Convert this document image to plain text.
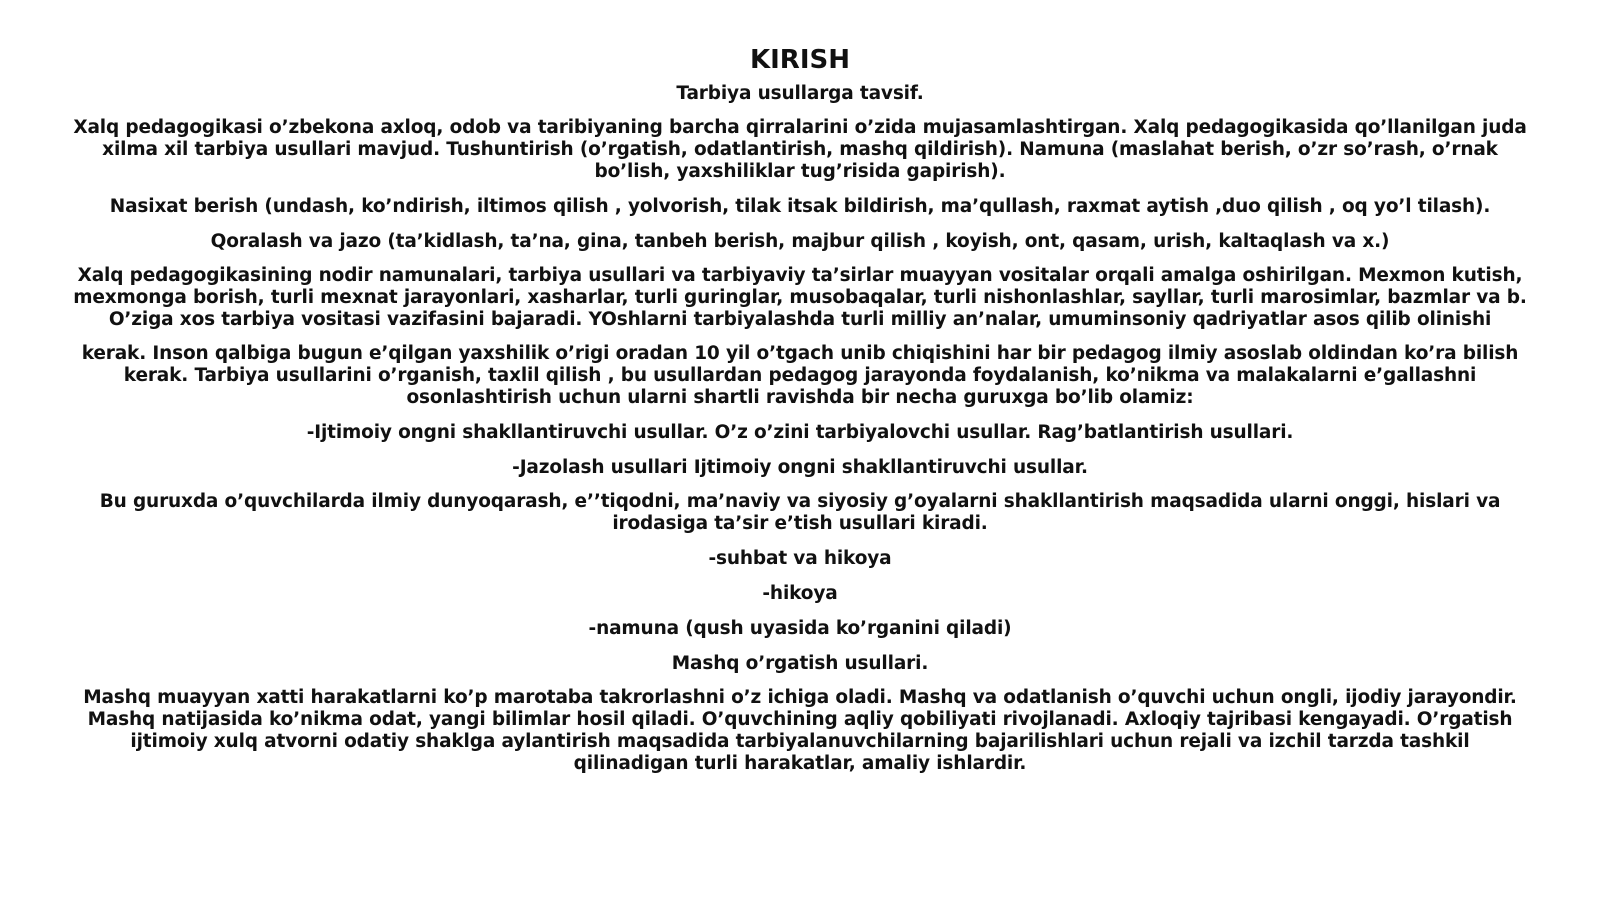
KIRISH

Tarbiya usullarga tavsif.

Xalq pedagogikasi o’zbekona axloq, odob va taribiyaning barcha qirralarini o’zida mujasamlashtirgan. Xalq pedagogikasida qo’llanilgan juda xilma xil tarbiya usullari mavjud. Tushuntirish (o’rgatish, odatlantirish, mashq qildirish). Namuna (maslahat berish, o’zr so’rash, o’rnak bo’lish, yaxshiliklar tug’risida gapirish).

Nasixat berish (undash, ko’ndirish, iltimos qilish , yolvorish, tilak itsak bildirish, ma’qullash, raxmat aytish ,duo qilish , oq yo’l tilash).

Qoralash va jazo (ta’kidlash, ta’na, gina, tanbeh berish, majbur qilish , koyish, ont, qasam, urish, kaltaqlash va x.)

Xalq pedagogikasining nodir namunalari, tarbiya usullari va tarbiyaviy ta’sirlar muayyan vositalar orqali amalga oshirilgan. Mexmon kutish, mexmonga borish, turli mexnat jarayonlari, xasharlar, turli guringlar, musobaqalar, turli nishonlashlar, sayllar, turli marosimlar, bazmlar va b. O’ziga xos tarbiya vositasi vazifasini bajaradi. YOshlarni tarbiyalashda turli milliy an’nalar, umuminsoniy qadriyatlar asos qilib olinishi

kerak. Inson qalbiga bugun e’qilgan yaxshilik o’rigi oradan 10 yil o’tgach unib chiqishini har bir pedagog ilmiy asoslab oldindan ko’ra bilish kerak. Tarbiya usullarini o’rganish, taxlil qilish , bu usullardan pedagog jarayonda foydalanish, ko’nikma va malakalarni e’gallashni osonlashtirish uchun ularni shartli ravishda bir necha guruxga bo’lib olamiz:

-Ijtimoiy ongni shakllantiruvchi usullar. O’z o’zini tarbiyalovchi usullar. Rag’batlantirish usullari.

-Jazolash usullari Ijtimoiy ongni shakllantiruvchi usullar.

Bu guruxda o’quvchilarda ilmiy dunyoqarash, e’’tiqodni, ma’naviy va siyosiy g’oyalarni shakllantirish maqsadida ularni onggi, hislari va irodasiga ta’sir e’tish usullari kiradi.

-suhbat va hikoya

-hikoya

-namuna (qush uyasida ko’rganini qiladi)

Mashq o’rgatish usullari.

Mashq muayyan xatti harakatlarni ko’p marotaba takrorlashni o’z ichiga oladi. Mashq va odatlanish o’quvchi uchun ongli, ijodiy jarayondir. Mashq natijasida ko’nikma odat, yangi bilimlar hosil qiladi. O’quvchining aqliy qobiliyati rivojlanadi. Axloqiy tajribasi kengayadi. O’rgatish ijtimoiy xulq atvorni odatiy shaklga aylantirish maqsadida tarbiyalanuvchilarning bajarilishlari uchun rejali va izchil tarzda tashkil qilinadigan turli harakatlar, amaliy ishlardir.
